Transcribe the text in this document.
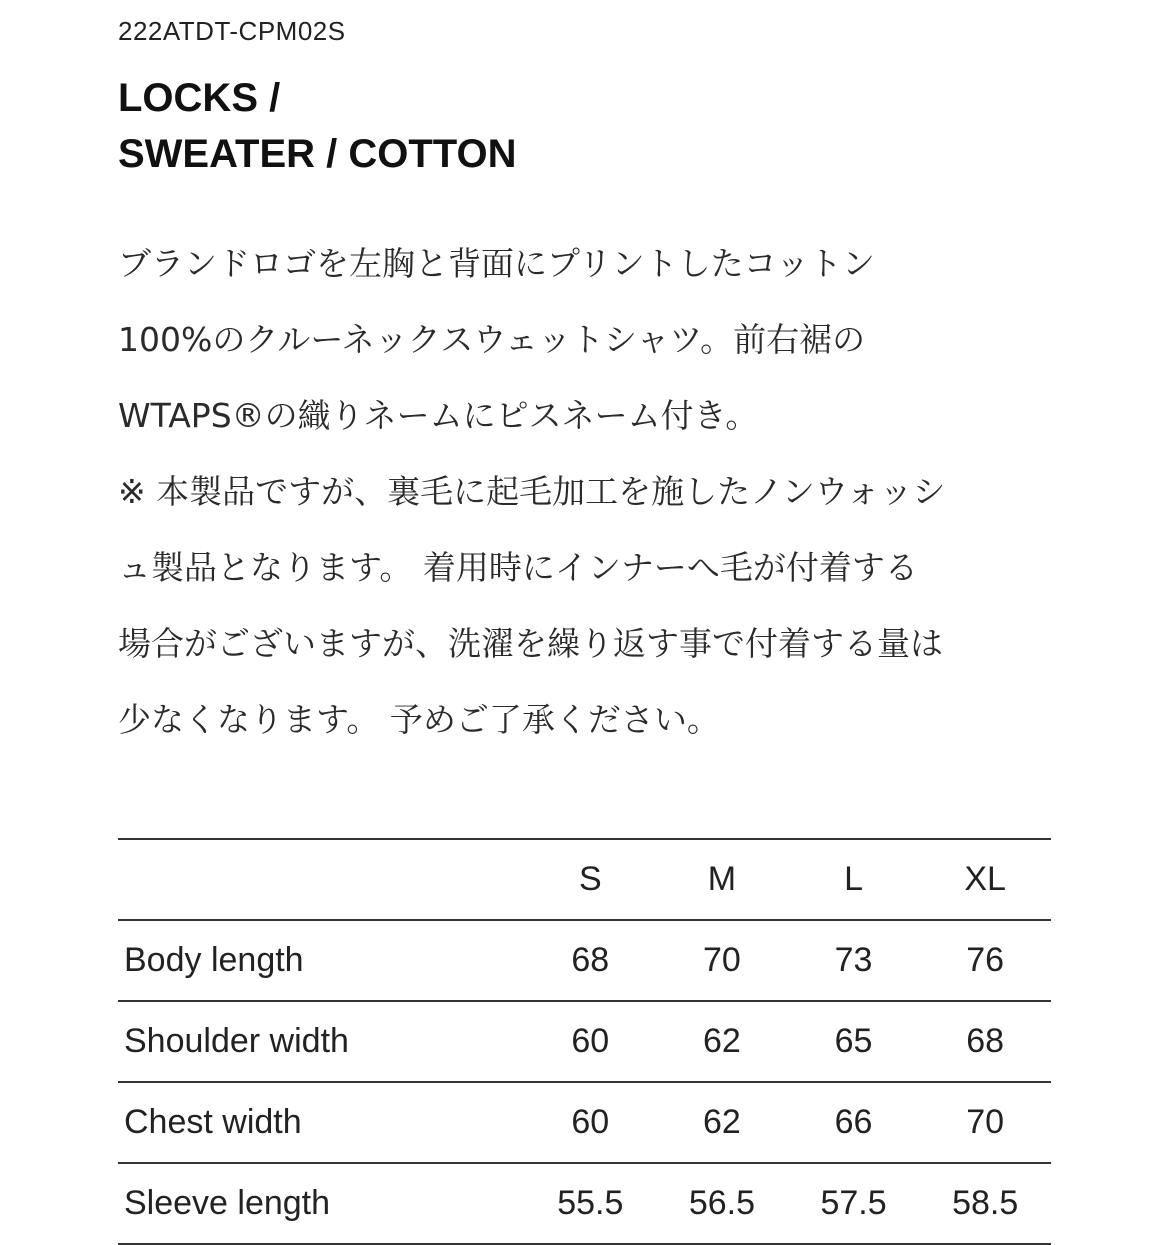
222ATDT-CPM02S
LOCKS /
SWEATER / COTTON
ブランドロゴを左胸と背面にプリントしたコットン
100%のクルーネックスウェットシャツ。前右裾の
WTAPS®の織りネームにピスネーム付き。
※ 本製品ですが、裏毛に起毛加工を施したノンウォッシ
ュ製品となります。 着用時にインナーへ毛が付着する
場合がございますが、洗濯を繰り返す事で付着する量は
少なくなります。 予めご了承ください。
	S	M	L	XL
Body length	68	70	73	76
Shoulder width	60	62	65	68
Chest width	60	62	66	70
Sleeve length	55.5	56.5	57.5	58.5
